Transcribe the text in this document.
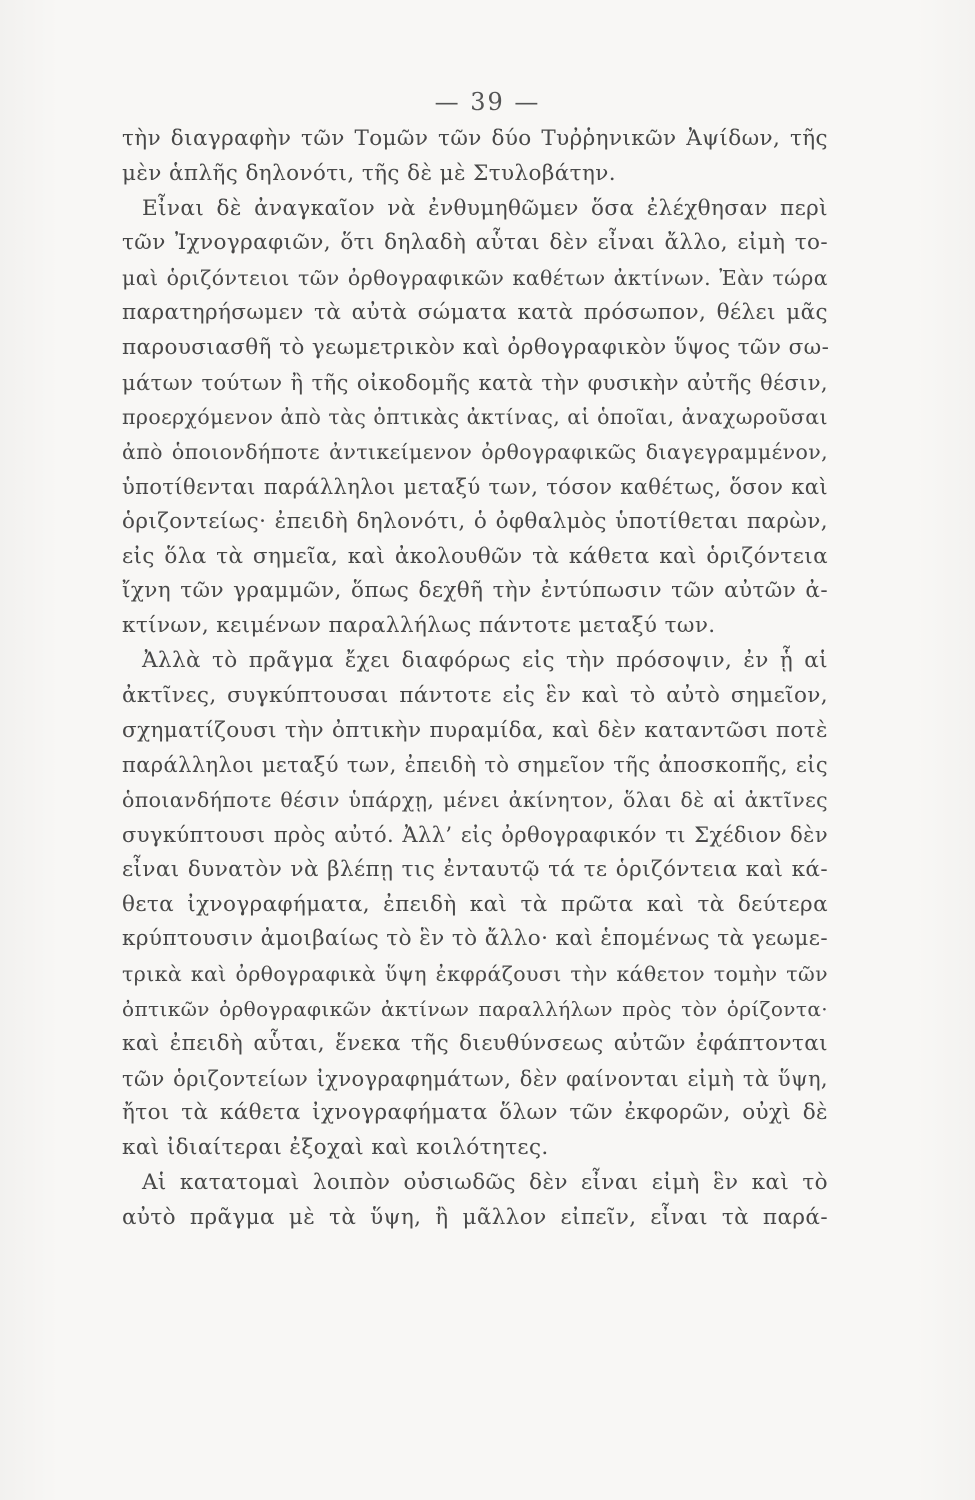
— 39 —
τὴν διαγραφὴν τῶν Τομῶν τῶν δύο Τυῤῥηνικῶν Ἀψίδων, τῆς
μὲν ἁπλῆς δηλονότι, τῆς δὲ μὲ Στυλοβάτην.
Εἶναι δὲ ἀναγκαῖον νὰ ἐνθυμηθῶμεν ὅσα ἐλέχθησαν περὶ
τῶν Ἰχνογραφιῶν, ὅτι δηλαδὴ αὗται δὲν εἶναι ἄλλο, εἰμὴ το-
μαὶ ὁριζόντειοι τῶν ὀρθογραφικῶν καθέτων ἀκτίνων. Ἐὰν τώρα
παρατηρήσωμεν τὰ αὐτὰ σώματα κατὰ πρόσωπον, θέλει μᾶς
παρουσιασθῆ τὸ γεωμετρικὸν καὶ ὀρθογραφικὸν ὕψος τῶν σω-
μάτων τούτων ἢ τῆς οἰκοδομῆς κατὰ τὴν φυσικὴν αὐτῆς θέσιν,
προερχόμενον ἀπὸ τὰς ὀπτικὰς ἀκτίνας, αἱ ὁποῖαι, ἀναχωροῦσαι
ἀπὸ ὁποιονδήποτε ἀντικείμενον ὀρθογραφικῶς διαγεγραμμένον,
ὑποτίθενται παράλληλοι μεταξύ των, τόσον καθέτως, ὅσον καὶ
ὁριζοντείως· ἐπειδὴ δηλονότι, ὁ ὀφθαλμὸς ὑποτίθεται παρὼν,
εἰς ὅλα τὰ σημεῖα, καὶ ἀκολουθῶν τὰ κάθετα καὶ ὁριζόντεια
ἴχνη τῶν γραμμῶν, ὅπως δεχθῆ τὴν ἐντύπωσιν τῶν αὐτῶν ἀ-
κτίνων, κειμένων παραλλήλως πάντοτε μεταξύ των.
Ἀλλὰ τὸ πρᾶγμα ἔχει διαφόρως εἰς τὴν πρόσοψιν, ἐν ᾗ αἱ
ἀκτῖνες, συγκύπτουσαι πάντοτε εἰς ἓν καὶ τὸ αὐτὸ σημεῖον,
σχηματίζουσι τὴν ὀπτικὴν πυραμίδα, καὶ δὲν καταντῶσι ποτὲ
παράλληλοι μεταξύ των, ἐπειδὴ τὸ σημεῖον τῆς ἀποσκοπῆς, εἰς
ὁποιανδήποτε θέσιν ὑπάρχῃ, μένει ἀκίνητον, ὅλαι δὲ αἱ ἀκτῖνες
συγκύπτουσι πρὸς αὐτό. Ἀλλ’ εἰς ὀρθογραφικόν τι Σχέδιον δὲν
εἶναι δυνατὸν νὰ βλέπῃ τις ἐνταυτῷ τά τε ὁριζόντεια καὶ κά-
θετα ἰχνογραφήματα, ἐπειδὴ καὶ τὰ πρῶτα καὶ τὰ δεύτερα
κρύπτουσιν ἀμοιβαίως τὸ ἓν τὸ ἄλλο· καὶ ἑπομένως τὰ γεωμε-
τρικὰ καὶ ὀρθογραφικὰ ὕψη ἐκφράζουσι τὴν κάθετον τομὴν τῶν
ὀπτικῶν ὀρθογραφικῶν ἀκτίνων παραλλήλων πρὸς τὸν ὁρίζοντα·
καὶ ἐπειδὴ αὗται, ἕνεκα τῆς διευθύνσεως αὐτῶν ἐφάπτονται
τῶν ὁριζοντείων ἰχνογραφημάτων, δὲν φαίνονται εἰμὴ τὰ ὕψη,
ἤτοι τὰ κάθετα ἰχνογραφήματα ὅλων τῶν ἐκφορῶν, οὐχὶ δὲ
καὶ ἰδιαίτεραι ἐξοχαὶ καὶ κοιλότητες.
Αἱ κατατομαὶ λοιπὸν οὐσιωδῶς δὲν εἶναι εἰμὴ ἓν καὶ τὸ
αὐτὸ πρᾶγμα μὲ τὰ ὕψη, ἢ μᾶλλον εἰπεῖν, εἶναι τὰ παρά-
